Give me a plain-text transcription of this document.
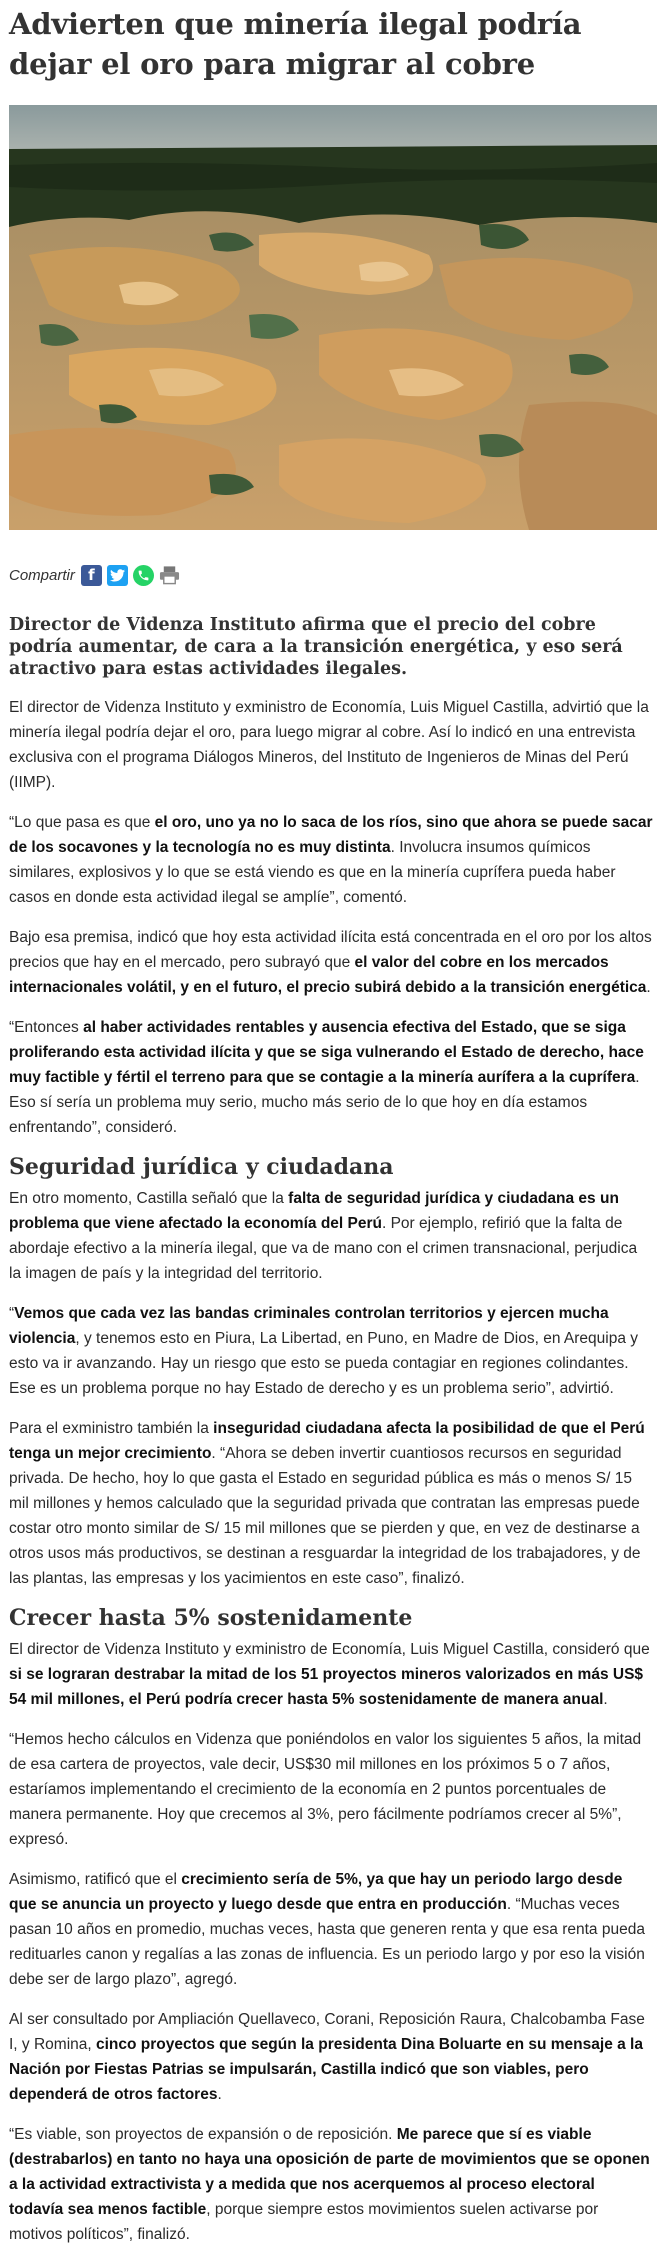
Advierten que minería ilegal podría dejar el oro para migrar al cobre
Compartir f
Director de Videnza Instituto afirma que el precio del cobre podría aumentar, de cara a la transición energética, y eso será atractivo para estas actividades ilegales.

El director de Videnza Instituto y exministro de Economía, Luis Miguel Castilla, advirtió que la minería ilegal podría dejar el oro, para luego migrar al cobre. Así lo indicó en una entrevista exclusiva con el programa Diálogos Mineros, del Instituto de Ingenieros de Minas del Perú (IIMP).

“Lo que pasa es que el oro, uno ya no lo saca de los ríos, sino que ahora se puede sacar de los socavones y la tecnología no es muy distinta. Involucra insumos químicos similares, explosivos y lo que se está viendo es que en la minería cuprífera pueda haber casos en donde esta actividad ilegal se amplíe”, comentó.

Bajo esa premisa, indicó que hoy esta actividad ilícita está concentrada en el oro por los altos precios que hay en el mercado, pero subrayó que el valor del cobre en los mercados internacionales volátil, y en el futuro, el precio subirá debido a la transición energética.

“Entonces al haber actividades rentables y ausencia efectiva del Estado, que se siga proliferando esta actividad ilícita y que se siga vulnerando el Estado de derecho, hace muy factible y fértil el terreno para que se contagie a la minería aurífera a la cuprífera. Eso sí sería un problema muy serio, mucho más serio de lo que hoy en día estamos enfrentando”, consideró.

Seguridad jurídica y ciudadana

En otro momento, Castilla señaló que la falta de seguridad jurídica y ciudadana es un problema que viene afectado la economía del Perú. Por ejemplo, refirió que la falta de abordaje efectivo a la minería ilegal, que va de mano con el crimen transnacional, perjudica la imagen de país y la integridad del territorio.

“Vemos que cada vez las bandas criminales controlan territorios y ejercen mucha violencia, y tenemos esto en Piura, La Libertad, en Puno, en Madre de Dios, en Arequipa y esto va ir avanzando. Hay un riesgo que esto se pueda contagiar en regiones colindantes. Ese es un problema porque no hay Estado de derecho y es un problema serio”, advirtió.

Para el exministro también la inseguridad ciudadana afecta la posibilidad de que el Perú tenga un mejor crecimiento. “Ahora se deben invertir cuantiosos recursos en seguridad privada. De hecho, hoy lo que gasta el Estado en seguridad pública es más o menos S/ 15 mil millones y hemos calculado que la seguridad privada que contratan las empresas puede costar otro monto similar de S/ 15 mil millones que se pierden y que, en vez de destinarse a otros usos más productivos, se destinan a resguardar la integridad de los trabajadores, y de las plantas, las empresas y los yacimientos en este caso”, finalizó.

Crecer hasta 5% sostenidamente

El director de Videnza Instituto y exministro de Economía, Luis Miguel Castilla, consideró que si se lograran destrabar la mitad de los 51 proyectos mineros valorizados en más US$ 54 mil millones, el Perú podría crecer hasta 5% sostenidamente de manera anual.

“Hemos hecho cálculos en Videnza que poniéndolos en valor los siguientes 5 años, la mitad de esa cartera de proyectos, vale decir, US$30 mil millones en los próximos 5 o 7 años, estaríamos implementando el crecimiento de la economía en 2 puntos porcentuales de manera permanente. Hoy que crecemos al 3%, pero fácilmente podríamos crecer al 5%”, expresó.

Asimismo, ratificó que el crecimiento sería de 5%, ya que hay un periodo largo desde que se anuncia un proyecto y luego desde que entra en producción. “Muchas veces pasan 10 años en promedio, muchas veces, hasta que generen renta y que esa renta pueda redituarles canon y regalías a las zonas de influencia. Es un periodo largo y por eso la visión debe ser de largo plazo”, agregó.

Al ser consultado por Ampliación Quellaveco, Corani, Reposición Raura, Chalcobamba Fase I, y Romina, cinco proyectos que según la presidenta Dina Boluarte en su mensaje a la Nación por Fiestas Patrias se impulsarán, Castilla indicó que son viables, pero dependerá de otros factores.

“Es viable, son proyectos de expansión o de reposición. Me parece que sí es viable (destrabarlos) en tanto no haya una oposición de parte de movimientos que se oponen a la actividad extractivista y a medida que nos acerquemos al proceso electoral todavía sea menos factible, porque siempre estos movimientos suelen activarse por motivos políticos”, finalizó.
